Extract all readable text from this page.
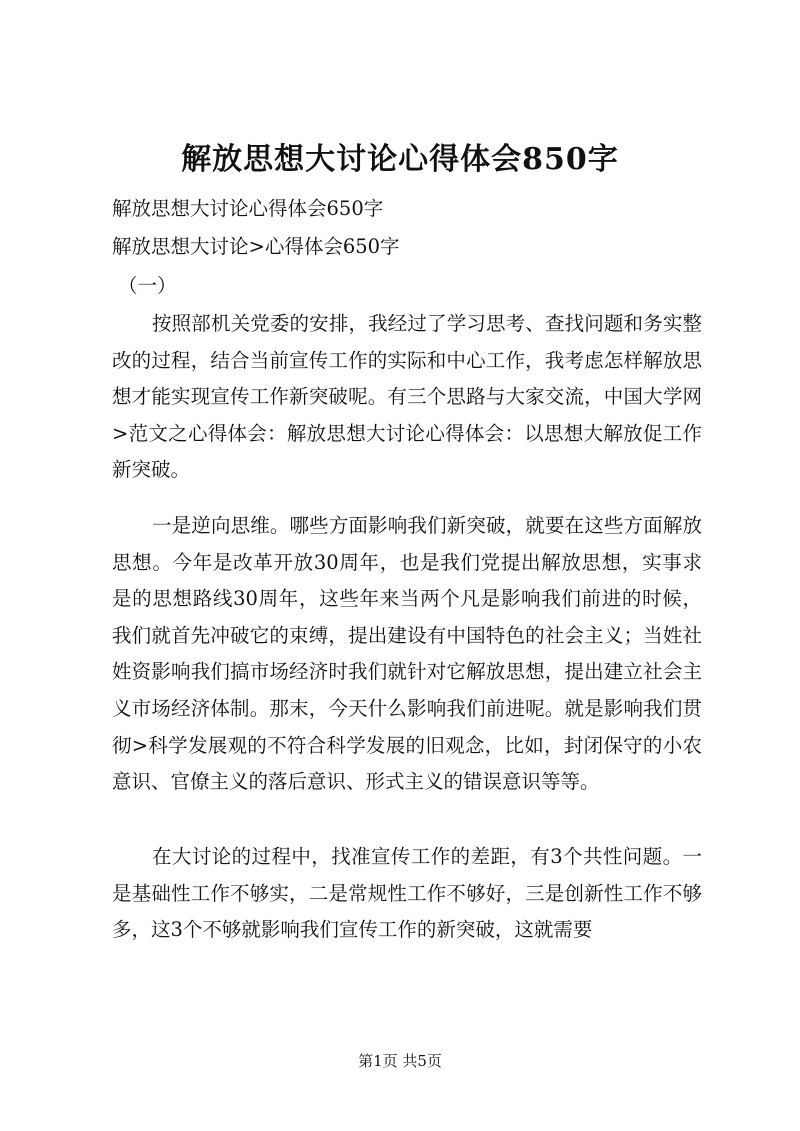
解放思想大讨论心得体会850字
解放思想大讨论心得体会650字
解放思想大讨论>心得体会650字
（一）
按照部机关党委的安排，我经过了学习思考、查找问题和务实整改的过程，结合当前宣传工作的实际和中心工作，我考虑怎样解放思想才能实现宣传工作新突破呢。有三个思路与大家交流，中国大学网>范文之心得体会：解放思想大讨论心得体会：以思想大解放促工作新突破。
一是逆向思维。哪些方面影响我们新突破，就要在这些方面解放思想。今年是改革开放30周年，也是我们党提出解放思想，实事求是的思想路线30周年，这些年来当两个凡是影响我们前进的时候，我们就首先冲破它的束缚，提出建设有中国特色的社会主义；当姓社姓资影响我们搞市场经济时我们就针对它解放思想，提出建立社会主义市场经济体制。那末，今天什么影响我们前进呢。就是影响我们贯彻>科学发展观的不符合科学发展的旧观念，比如，封闭保守的小农意识、官僚主义的落后意识、形式主义的错误意识等等。
在大讨论的过程中，找准宣传工作的差距，有3个共性问题。一是基础性工作不够实，二是常规性工作不够好，三是创新性工作不够多，这3个不够就影响我们宣传工作的新突破，这就需要
第1页 共5页
